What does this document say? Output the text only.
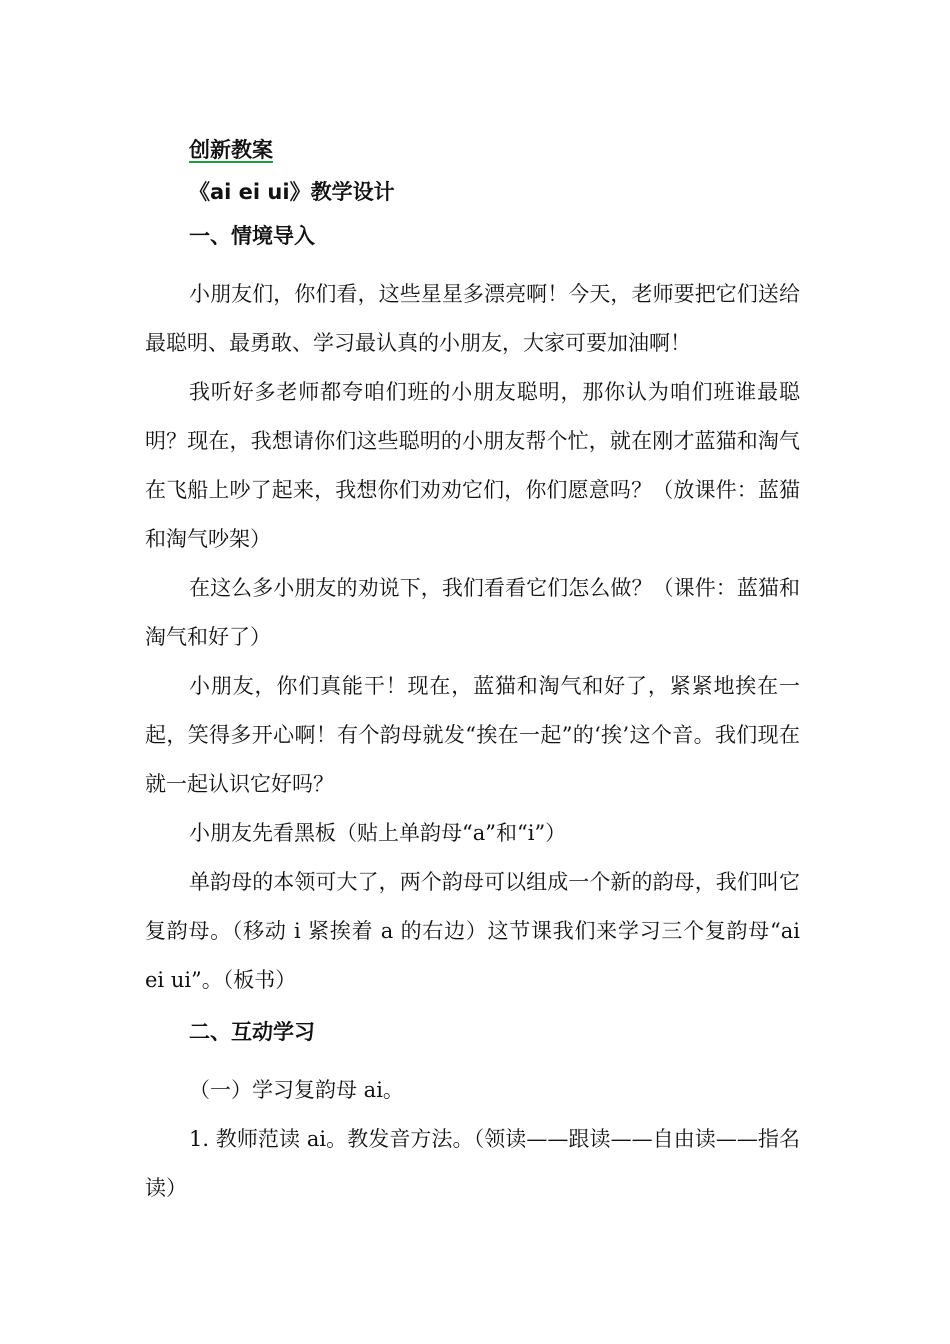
创新教案
《ai ei ui》教学设计
一、情境导入

小朋友们，你们看，这些星星多漂亮啊！今天，老师要把它们送给最聪明、最勇敢、学习最认真的小朋友，大家可要加油啊！

我听好多老师都夸咱们班的小朋友聪明，那你认为咱们班谁最聪明？现在，我想请你们这些聪明的小朋友帮个忙，就在刚才蓝猫和淘气在飞船上吵了起来，我想你们劝劝它们，你们愿意吗？（放课件：蓝猫和淘气吵架）

在这么多小朋友的劝说下，我们看看它们怎么做？（课件：蓝猫和淘气和好了）

小朋友，你们真能干！现在，蓝猫和淘气和好了，紧紧地挨在一起，笑得多开心啊！有个韵母就发“挨在一起”的‘挨’这个音。我们现在就一起认识它好吗？

小朋友先看黑板（贴上单韵母“a”和“i”）

单韵母的本领可大了，两个韵母可以组成一个新的韵母，我们叫它复韵母。（移动 i 紧挨着 a 的右边）这节课我们来学习三个复韵母“ai ei ui”。（板书）

二、互动学习

（一）学习复韵母 ai。

1. 教师范读 ai。教发音方法。（领读——跟读——自由读——指名读）
